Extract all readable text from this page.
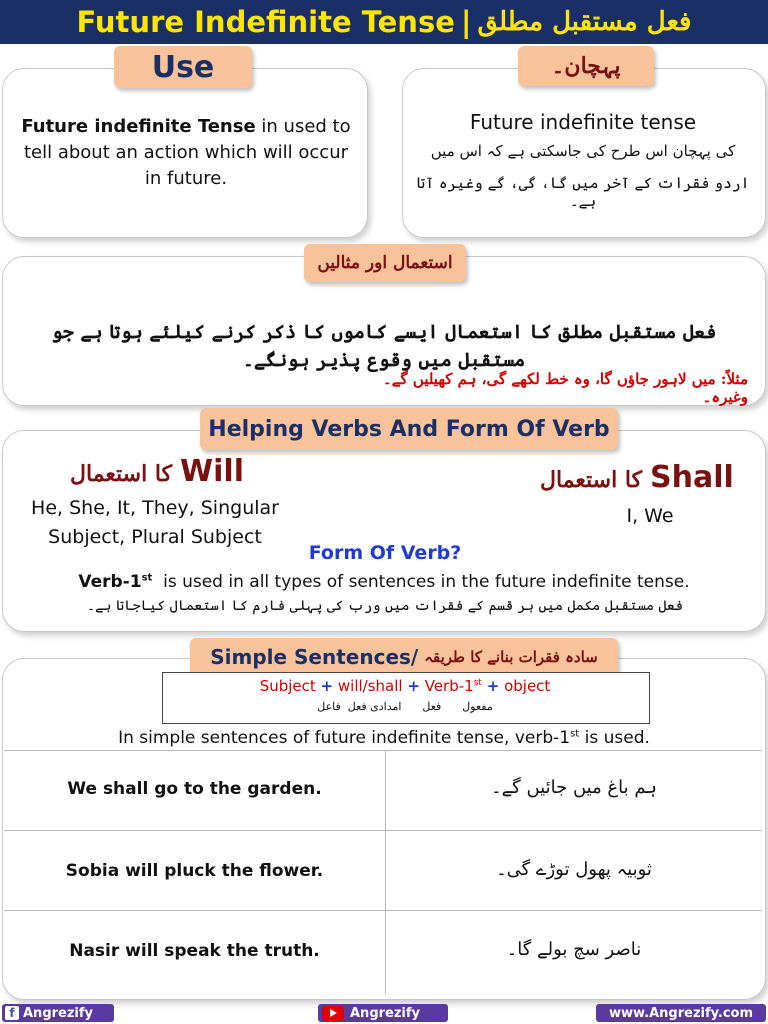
Future Indefinite Tense | فعل مستقبل مطلق
Use
Future indefinite Tense in used to tell about an action which will occur in future.
پہچان۔
Future indefinite tense
کی پہچان اس طرح کی جاسکتی ہے کہ اس میں
اردو فقرات کے آخر میں گا، گی، گے وغیرہ آتا ہے۔
استعمال اور مثالیں
فعل مستقبل مطلق کا استعمال ایسے کاموں کا ذکر کرنے کیلئے ہوتا ہے جو مستقبل میں وقوع پذیر ہونگے۔
مثلاً: میں لاہور جاؤں گا، وہ خط لکھے گی، ہم کھیلیں گے۔ وغیرہ۔
Helping Verbs And Form Of Verb
کا استعمال Will
He, She, It, They, Singular
Subject, Plural Subject
کا استعمال Shall
I, We
Form Of Verb?
Verb-1st is used in all types of sentences in the future indefinite tense.
فعل مستقبل مکمل میں ہر قسم کے فقرات میں ورب کی پہلی فارم کا استعمال کیاجاتا ہے۔
Simple Sentences/ سادہ فقرات بنانے کا طریقہ
Subject + will/shall + Verb-1st + object
مفعول      فعل      امدادی فعل  فاعل
In simple sentences of future indefinite tense, verb-1st is used.
We shall go to the garden.	ہم باغ میں جائیں گے۔
Sobia will pluck the flower.	ثوبیہ پھول توڑے گی۔
Nasir will speak the truth.	ناصر سچ بولے گا۔
f Angrezify	Angrezify	www.Angrezify.com
